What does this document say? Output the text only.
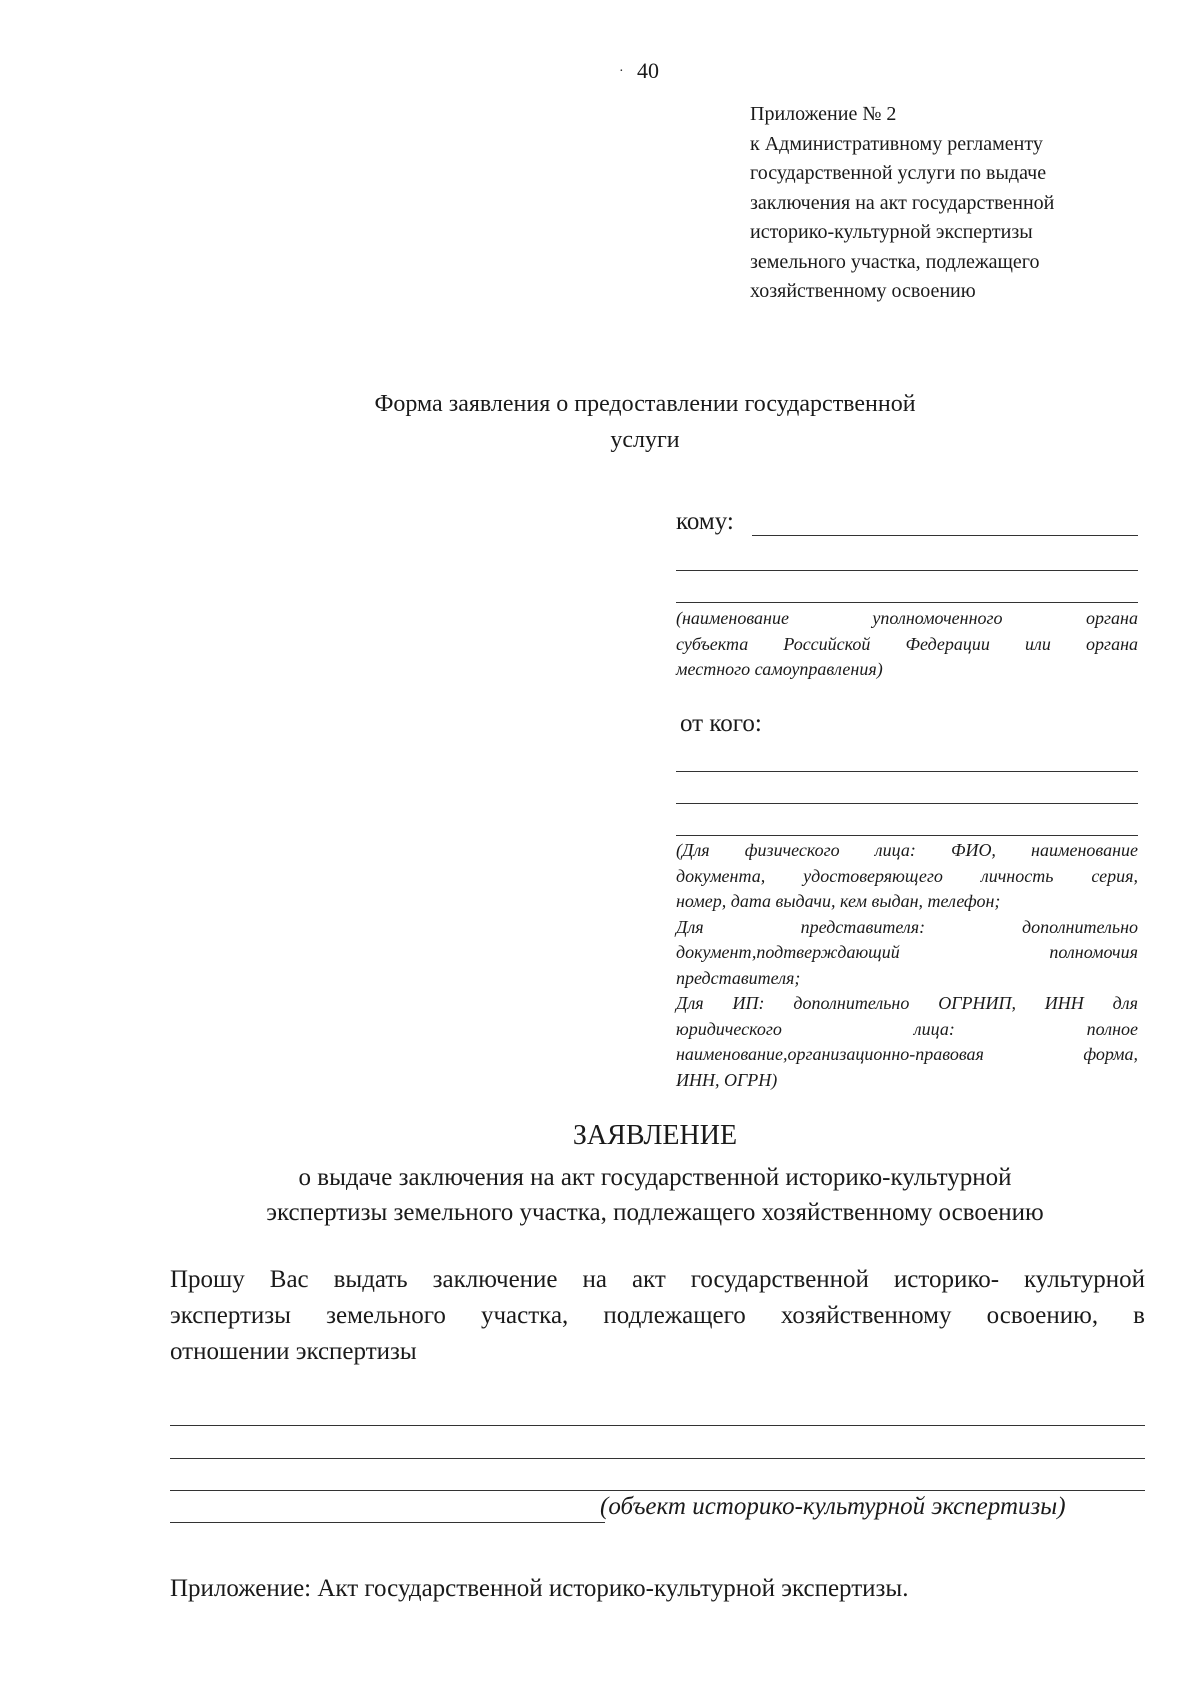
· 40
Приложение № 2
к Административному регламенту
государственной услуги по выдаче
заключения на акт государственной
историко-культурной экспертизы
земельного участка, подлежащего
хозяйственному освоению
Форма заявления о предоставлении государственной
услуги
кому:
(наименование уполномоченного органа
субъекта Российской Федерации или органа
местного самоуправления)
от кого:
(Для физического лица: ФИО, наименование
документа, удостоверяющего личность серия,
номер, дата выдачи, кем выдан, телефон;
Для представителя: дополнительно
документ,подтверждающий полномочия
представителя;
Для ИП: дополнительно ОГРНИП, ИНН для
юридического лица: полное
наименование,организационно-правовая форма,
ИНН, ОГРН)
ЗАЯВЛЕНИЕ
о выдаче заключения на акт государственной историко-культурной
экспертизы земельного участка, подлежащего хозяйственному освоению
Прошу Вас выдать заключение на акт государственной историко- культурной
экспертизы земельного участка, подлежащего хозяйственному освоению, в
отношении экспертизы
(объект историко-культурной экспертизы)
Приложение: Акт государственной историко-культурной экспертизы.
